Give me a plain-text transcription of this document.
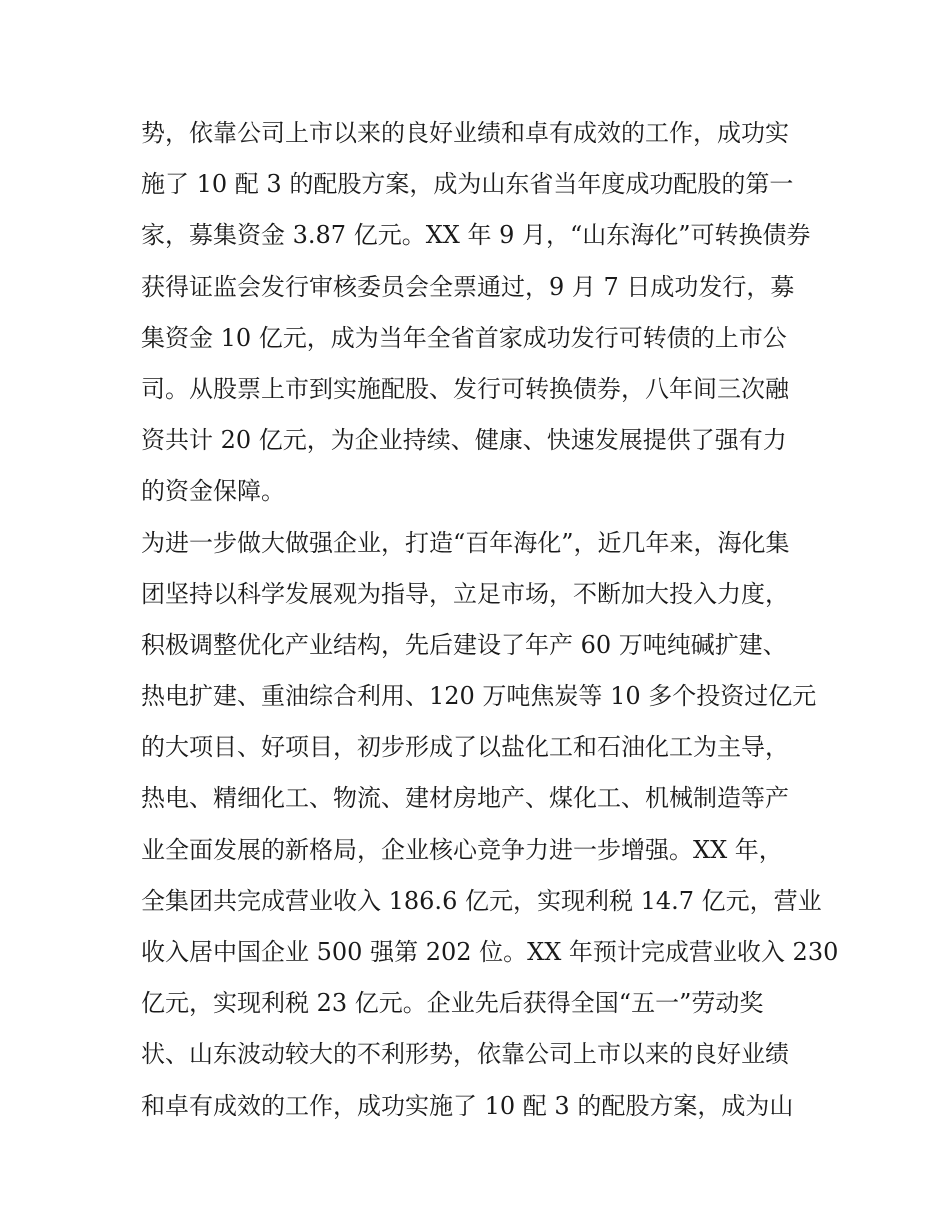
势，依靠公司上市以来的良好业绩和卓有成效的工作，成功实
施了 10 配 3 的配股方案，成为山东省当年度成功配股的第一
家，募集资金 3.87 亿元。XX 年 9 月，“山东海化”可转换债券
获得证监会发行审核委员会全票通过，9 月 7 日成功发行，募
集资金 10 亿元，成为当年全省首家成功发行可转债的上市公
司。从股票上市到实施配股、发行可转换债券，八年间三次融
资共计 20 亿元，为企业持续、健康、快速发展提供了强有力
的资金保障。
为进一步做大做强企业，打造“百年海化”，近几年来，海化集
团坚持以科学发展观为指导，立足市场，不断加大投入力度，
积极调整优化产业结构，先后建设了年产 60 万吨纯碱扩建、
热电扩建、重油综合利用、120 万吨焦炭等 10 多个投资过亿元
的大项目、好项目，初步形成了以盐化工和石油化工为主导，
热电、精细化工、物流、建材房地产、煤化工、机械制造等产
业全面发展的新格局，企业核心竞争力进一步增强。XX 年，
全集团共完成营业收入 186.6 亿元，实现利税 14.7 亿元，营业
收入居中国企业 500 强第 202 位。XX 年预计完成营业收入 230
亿元，实现利税 23 亿元。企业先后获得全国“五一”劳动奖
状、山东波动较大的不利形势，依靠公司上市以来的良好业绩
和卓有成效的工作，成功实施了 10 配 3 的配股方案，成为山
